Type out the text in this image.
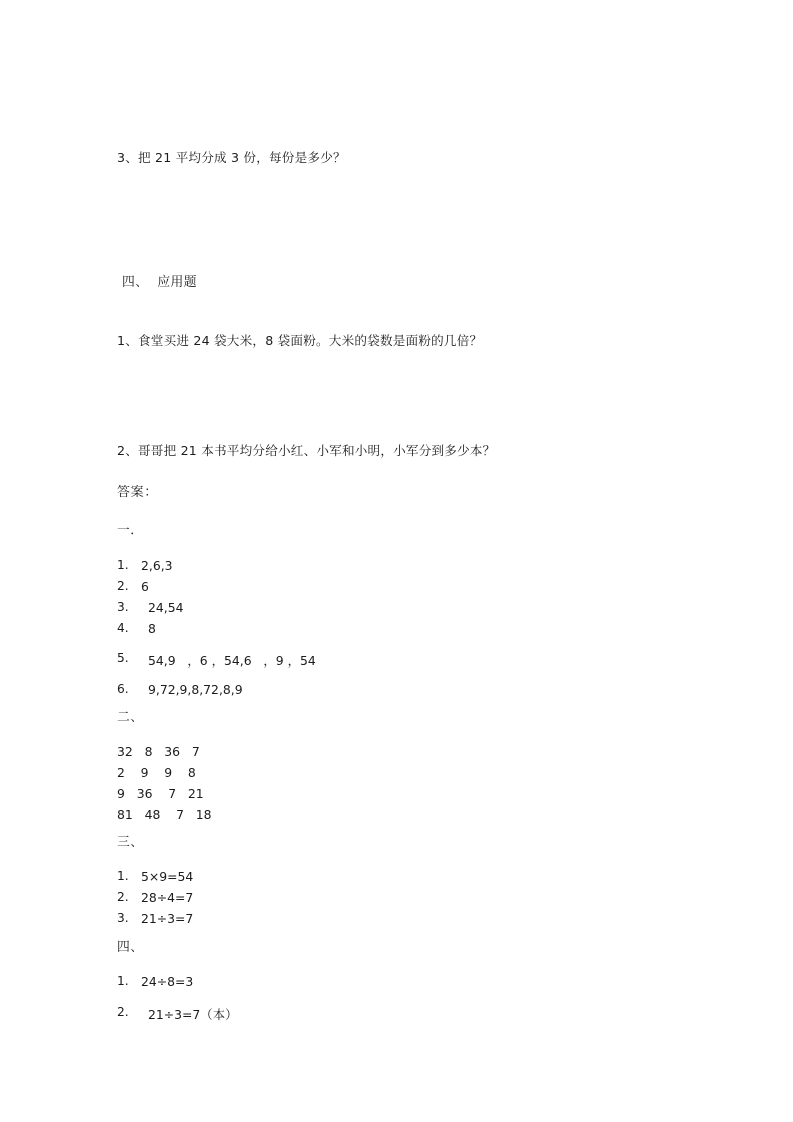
3、把 21 平均分成 3 份，每份是多少？
四、  应用题
1、食堂买进 24 袋大米，8 袋面粉。大米的袋数是面粉的几倍？
2、哥哥把 21 本书平均分给小红、小军和小明，小军分到多少本？
答案：
一．
1. 2,6,3
2. 6
3. 24,54
4. 8
5. 54,9   ，6 ，54,6   ，9 ，54
6. 9,72,9,8,72,8,9
二、
32   8   36   7
2    9    9    8
9   36    7   21
81   48    7   18
三、
1. 5×9=54
2. 28÷4=7
3. 21÷3=7
四、
1. 24÷8=3
2. 21÷3=7（本）
